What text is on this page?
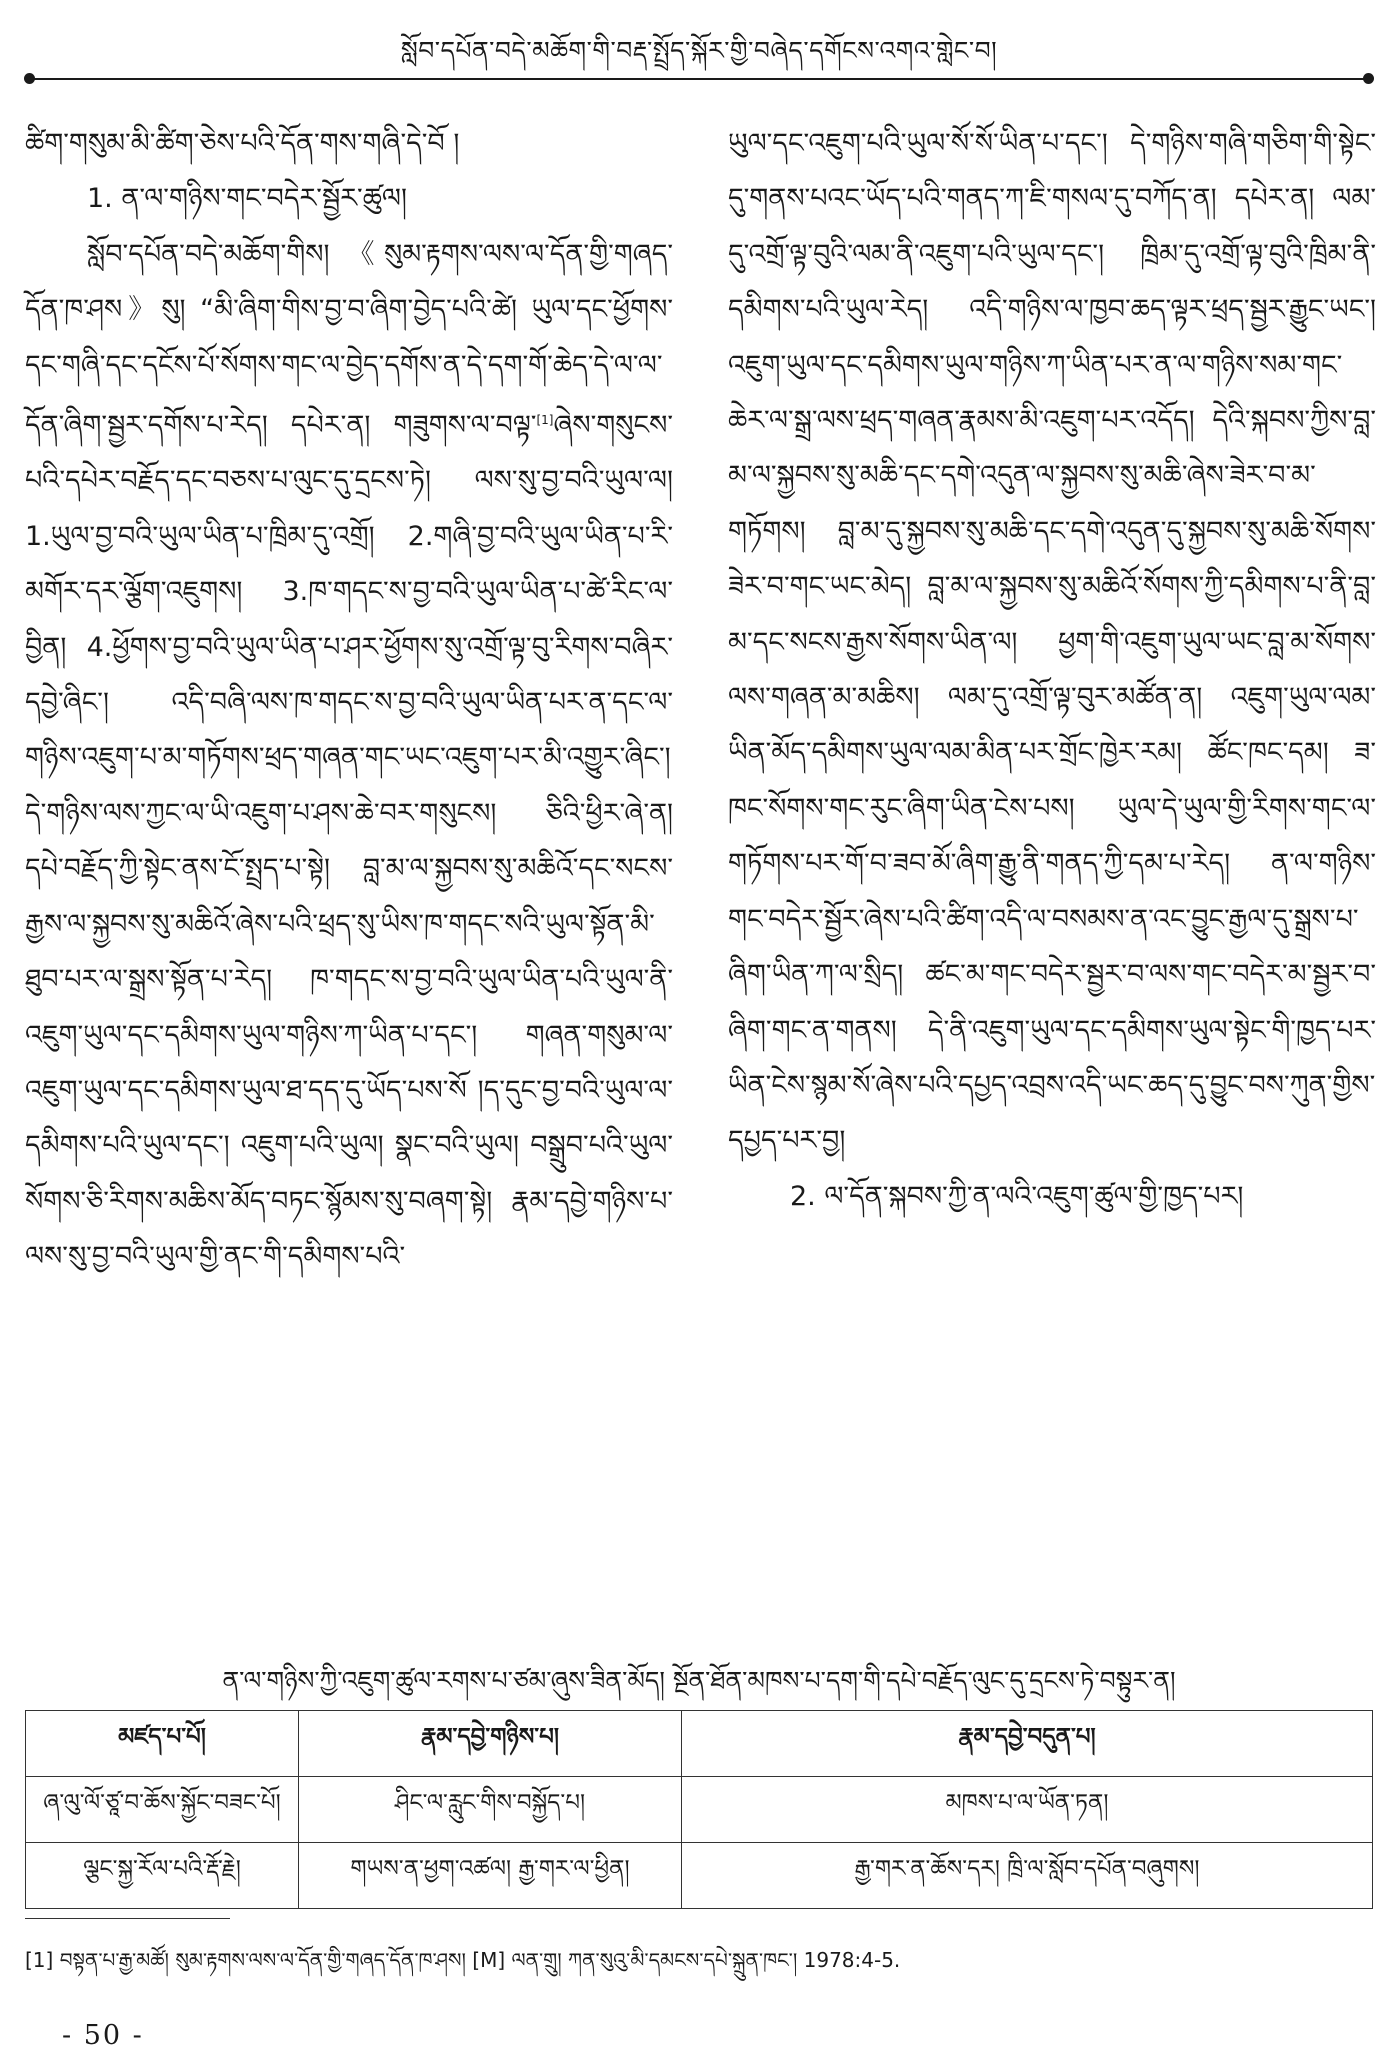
སློབ་དཔོན་བདེ་མཆོག་གི་བརྡ་སྤྲོད་སྐོར་གྱི་བཞེད་དགོངས་འགའ་གླེང་བ།

ཚིག་གསུམ་མི་ཚིག་ཅེས་པའི་དོན་གས་གཞི་དེ་བོ །

1. ན་ལ་གཉིས་གང་བདེར་སྦྱོར་ཚུལ།

སློབ་དཔོན་བདེ་མཆོག་གིས། 《སུམ་རྟགས་ལས་ལ་དོན་གྱི་གཞད་དོན་ཁ་ཤས》སུ། “མི་ཞིག་གིས་བྱ་བ་ཞིག་བྱེད་པའི་ཚེ། ཡུལ་དང་ཕྱོགས་དང་གཞི་དང་དངོས་པོ་སོགས་གང་ལ་བྱེད་དགོས་ན་དེ་དག་གོ་ཆེད་དེ་ལ་ལ་དོན་ཞིག་སྦྱར་དགོས་པ་རེད། དཔེར་ན། གཟུགས་ལ་བལྟ་[1]ཞེས་གསུངས་པའི་དཔེར་བརྗོད་དང་བཅས་པ་ལུང་དུ་དྲངས་ཏེ། ལས་སུ་བྱ་བའི་ཡུལ་ལ། 1.ཡུལ་བྱ་བའི་ཡུལ་ཡིན་པ་ཁྲིམ་དུ་འགྲོ། 2.གཞི་བྱ་བའི་ཡུལ་ཡིན་པ་རི་མགོར་དར་ལྕོག་འཇུགས། 3.ཁ་གདང་ས་བྱ་བའི་ཡུལ་ཡིན་པ་ཚེ་རིང་ལ་བྱིན། 4.ཕྱོགས་བྱ་བའི་ཡུལ་ཡིན་པ་ཤར་ཕྱོགས་སུ་འགྲོ་ལྟ་བུ་རིགས་བཞིར་དབྱེ་ཞིང་། འདི་བཞི་ལས་ཁ་གདང་ས་བྱ་བའི་ཡུལ་ཡིན་པར་ན་དང་ལ་གཉིས་འཇུག་པ་མ་གཏོགས་ཕྲད་གཞན་གང་ཡང་འཇུག་པར་མི་འགྱུར་ཞིང་། དེ་གཉིས་ལས་ཀྱང་ལ་ཡི་འཇུག་པ་ཤས་ཆེ་བར་གསུངས། ཅིའི་ཕྱིར་ཞེ་ན། དཔེ་བརྗོད་ཀྱི་སྟེང་ནས་ངོ་སྤྲད་པ་སྟེ། བླ་མ་ལ་སྐྱབས་སུ་མཆིའོ་དང་སངས་རྒྱས་ལ་སྐྱབས་སུ་མཆིའོ་ཞེས་པའི་ཕྲད་སུ་ཡིས་ཁ་གདང་སའི་ཡུལ་སྟོན་མི་ཐུབ་པར་ལ་སྒྲས་སྟོན་པ་རེད། ཁ་གདང་ས་བྱ་བའི་ཡུལ་ཡིན་པའི་ཡུལ་ནི་འཇུག་ཡུལ་དང་དམིགས་ཡུལ་གཉིས་ཀ་ཡིན་པ་དང་། གཞན་གསུམ་ལ་འཇུག་ཡུལ་དང་དམིགས་ཡུལ་ཐ་དད་དུ་ཡོད་པས་སོ །ད་དུང་བྱ་བའི་ཡུལ་ལ་དམིགས་པའི་ཡུལ་དང་། འཇུག་པའི་ཡུལ། སྣང་བའི་ཡུལ། བསྒྲུབ་པའི་ཡུལ་སོགས་ཅི་རིགས་མཆིས་མོད་བཏང་སྙོམས་སུ་བཞག་སྟེ། རྣམ་དབྱེ་གཉིས་པ་ལས་སུ་བྱ་བའི་ཡུལ་གྱི་ནང་གི་དམིགས་པའི་

ཡུལ་དང་འཇུག་པའི་ཡུལ་སོ་སོ་ཡིན་པ་དང་། དེ་གཉིས་གཞི་གཅིག་གི་སྟེང་དུ་གནས་པའང་ཡོད་པའི་གནད་ཀ་ཇི་གསལ་དུ་བཀོད་ན། དཔེར་ན། ལམ་དུ་འགྲོ་ལྟ་བུའི་ལམ་ནི་འཇུག་པའི་ཡུལ་དང་། ཁྲིམ་དུ་འགྲོ་ལྟ་བུའི་ཁྲིམ་ནི་དམིགས་པའི་ཡུལ་རེད། འདི་གཉིས་ལ་ཁྱབ་ཆད་ལྟར་ཕྲད་སྦྱར་རྒྱུང་ཡང་། འཇུག་ཡུལ་དང་དམིགས་ཡུལ་གཉིས་ཀ་ཡིན་པར་ན་ལ་གཉིས་སམ་གང་ཆེར་ལ་སྒྲ་ལས་ཕྲད་གཞན་རྣམས་མི་འཇུག་པར་འདོད། དེའི་སྐབས་ཀྱིས་བླ་མ་ལ་སྐྱབས་སུ་མཆི་དང་དགེ་འདུན་ལ་སྐྱབས་སུ་མཆི་ཞེས་ཟེར་བ་མ་གཏོགས། བླ་མ་དུ་སྐྱབས་སུ་མཆི་དང་དགེ་འདུན་དུ་སྐྱབས་སུ་མཆི་སོགས་ཟེར་བ་གང་ཡང་མེད། བླ་མ་ལ་སྐྱབས་སུ་མཆིའོ་སོགས་ཀྱི་དམིགས་པ་ནི་བླ་མ་དང་སངས་རྒྱས་སོགས་ཡིན་ལ། ཕྱག་གི་འཇུག་ཡུལ་ཡང་བླ་མ་སོགས་ལས་གཞན་མ་མཆིས། ལམ་དུ་འགྲོ་ལྟ་བུར་མཚོན་ན། འཇུག་ཡུལ་ལམ་ཡིན་མོད་དམིགས་ཡུལ་ལམ་མིན་པར་གྲོང་ཁྱེར་རམ། ཚོང་ཁང་དམ། ཟ་ཁང་སོགས་གང་རུང་ཞིག་ཡིན་ངེས་པས། ཡུལ་དེ་ཡུལ་གྱི་རིགས་གང་ལ་གཏོགས་པར་གོ་བ་ཟབ་མོ་ཞིག་རྒྱུ་ནི་གནད་ཀྱི་དམ་པ་རེད། ན་ལ་གཉིས་གང་བདེར་སྦྱོར་ཞེས་པའི་ཚིག་འདི་ལ་བསམས་ན་འང་བྱུང་རྒྱལ་དུ་སྒྲས་པ་ཞིག་ཡིན་ཀ་ལ་སྲིད། ཚང་མ་གང་བདེར་སྦྱར་བ་ལས་གང་བདེར་མ་སྦྱར་བ་ཞིག་གང་ན་གནས། དེ་ནི་འཇུག་ཡུལ་དང་དམིགས་ཡུལ་སྟེང་གི་ཁྱད་པར་ཡིན་ངེས་སྙམ་སོ་ཞེས་པའི་དཔྱད་འབྲས་འདི་ཡང་ཆད་དུ་བྱུང་བས་ཀུན་གྱིས་དཔྱད་པར་བྱ།

2. ལ་དོན་སྐབས་ཀྱི་ན་ལའི་འཇུག་ཚུལ་གྱི་ཁྱད་པར།

ན་ལ་གཉིས་ཀྱི་འཇུག་ཚུལ་རགས་པ་ཙམ་ཞུས་ཟིན་མོད། སྔོན་ཐོན་མཁས་པ་དག་གི་དཔེ་བརྗོད་ལུང་དུ་དྲངས་ཏེ་བསྟུར་ན།
མཛད་པ་པོ།	རྣམ་དབྱེ་གཉིས་པ།	རྣམ་དབྱེ་བདུན་པ།
ཞ་ལུ་ལོ་ཙཱ་བ་ཆོས་སྐྱོང་བཟང་པོ།	ཤིང་ལ་རླུང་གིས་བསྐྱོད་པ།	མཁས་པ་ལ་ཡོན་ཏན།
ལྕང་སྐྱ་རོལ་པའི་རྡོ་རྗེ།	གཡས་ན་ཕྱག་འཚལ། རྒྱ་གར་ལ་ཕྱིན།	རྒྱ་གར་ན་ཆོས་དར། ཁྲི་ལ་སློབ་དཔོན་བཞུགས།
[1] བསྟན་པ་རྒྱ་མཚོ། སུམ་རྟགས་ལས་ལ་དོན་གྱི་གཞད་དོན་ཁ་ཤས། [M] ལན་གྲུ། ཀན་སུའུ་མི་དམངས་དཔེ་སྐྲུན་ཁང་། 1978:4-5.
- 50 -
